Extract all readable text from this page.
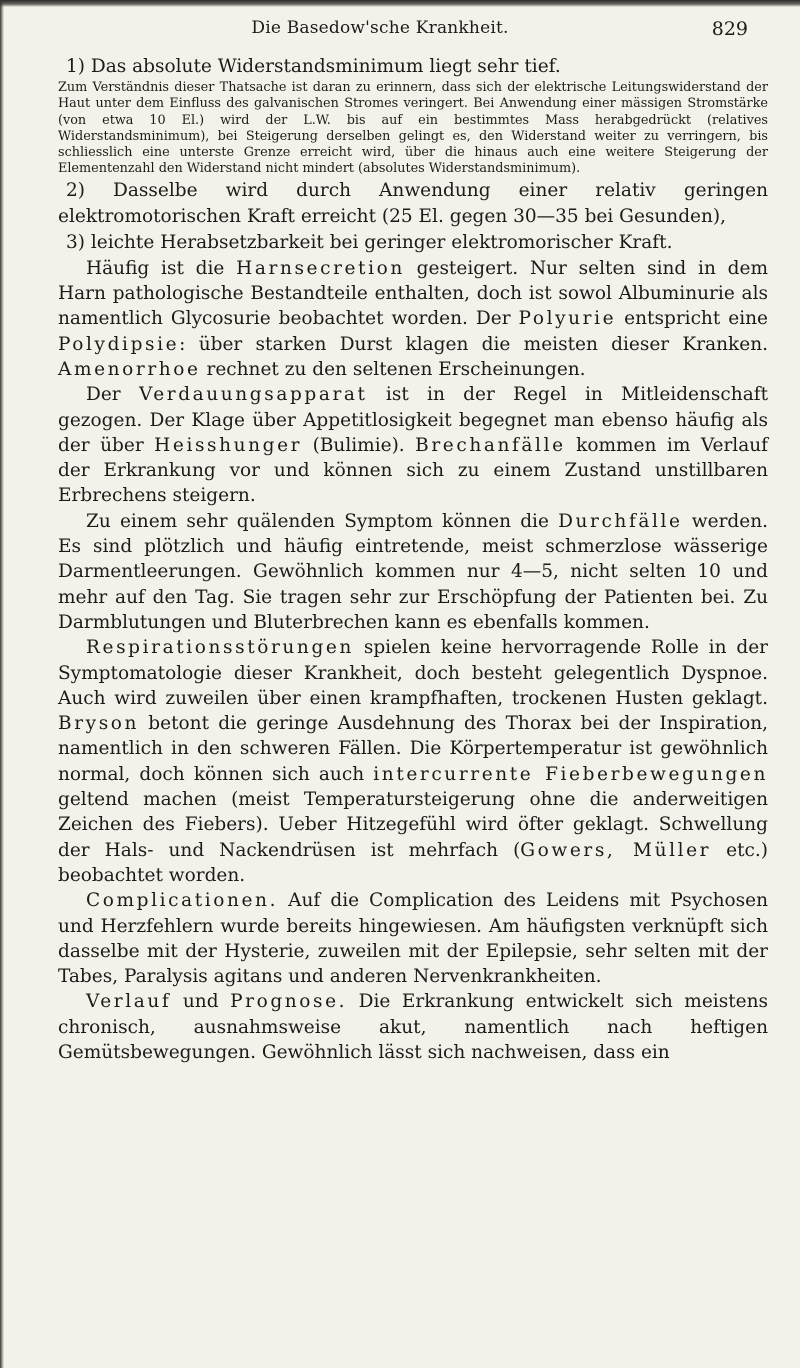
Die Basedow'sche Krankheit.	829

1) Das absolute Widerstandsminimum liegt sehr tief.

Zum Verständnis dieser Thatsache ist daran zu erinnern, dass sich der elektrische Leitungswiderstand der Haut unter dem Einfluss des galvanischen Stromes veringert. Bei Anwendung einer mässigen Stromstärke (von etwa 10 El.) wird der L.W. bis auf ein bestimmtes Mass herabgedrückt (relatives Widerstandsminimum), bei Steigerung derselben gelingt es, den Widerstand weiter zu verringern, bis schliesslich eine unterste Grenze erreicht wird, über die hinaus auch eine weitere Steigerung der Elementenzahl den Widerstand nicht mindert (absolutes Widerstandsminimum).

2) Dasselbe wird durch Anwendung einer relativ geringen elektromotorischen Kraft erreicht (25 El. gegen 30—35 bei Gesunden),

3) leichte Herabsetzbarkeit bei geringer elektromorischer Kraft.

Häufig ist die Harnsecretion gesteigert. Nur selten sind in dem Harn pathologische Bestandteile enthalten, doch ist sowol Albuminurie als namentlich Glycosurie beobachtet worden. Der Polyurie entspricht eine Polydipsie: über starken Durst klagen die meisten dieser Kranken. Amenorrhoe rechnet zu den seltenen Erscheinungen.

Der Verdauungsapparat ist in der Regel in Mitleidenschaft gezogen. Der Klage über Appetitlosigkeit begegnet man ebenso häufig als der über Heisshunger (Bulimie). Brechanfälle kommen im Verlauf der Erkrankung vor und können sich zu einem Zustand unstillbaren Erbrechens steigern.

Zu einem sehr quälenden Symptom können die Durchfälle werden. Es sind plötzlich und häufig eintretende, meist schmerzlose wässerige Darmentleerungen. Gewöhnlich kommen nur 4—5, nicht selten 10 und mehr auf den Tag. Sie tragen sehr zur Erschöpfung der Patienten bei. Zu Darmblutungen und Bluterbrechen kann es ebenfalls kommen.

Respirationsstörungen spielen keine hervorragende Rolle in der Symptomatologie dieser Krankheit, doch besteht gelegentlich Dyspnoe. Auch wird zuweilen über einen krampfhaften, trockenen Husten geklagt. Bryson betont die geringe Ausdehnung des Thorax bei der Inspiration, namentlich in den schweren Fällen. Die Körpertemperatur ist gewöhnlich normal, doch können sich auch intercurrente Fieberbewegungen geltend machen (meist Temperatursteigerung ohne die anderweitigen Zeichen des Fiebers). Ueber Hitzegefühl wird öfter geklagt. Schwellung der Hals- und Nackendrüsen ist mehrfach (Gowers, Müller etc.) beobachtet worden.

Complicationen. Auf die Complication des Leidens mit Psychosen und Herzfehlern wurde bereits hingewiesen. Am häufigsten verknüpft sich dasselbe mit der Hysterie, zuweilen mit der Epilepsie, sehr selten mit der Tabes, Paralysis agitans und anderen Nervenkrankheiten.

Verlauf und Prognose. Die Erkrankung entwickelt sich meistens chronisch, ausnahmsweise akut, namentlich nach heftigen Gemütsbewegungen. Gewöhnlich lässt sich nachweisen, dass ein
